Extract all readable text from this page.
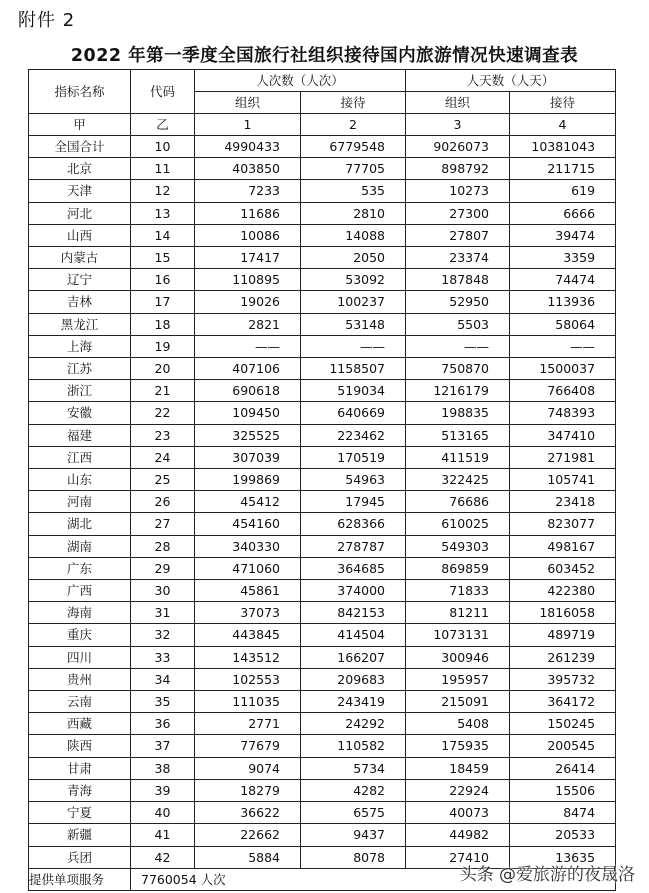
附件 2
2022 年第一季度全国旅行社组织接待国内旅游情况快速调查表
指标名称	代码	人次数（人次）		人天数（人天）	
		组织	接待	组织	接待
甲	乙	1	2	3	4
全国合计	10	4990433	6779548	9026073	10381043
北京	11	403850	77705	898792	211715
天津	12	7233	535	10273	619
河北	13	11686	2810	27300	6666
山西	14	10086	14088	27807	39474
内蒙古	15	17417	2050	23374	3359
辽宁	16	110895	53092	187848	74474
吉林	17	19026	100237	52950	113936
黑龙江	18	2821	53148	5503	58064
上海	19	——	——	——	——
江苏	20	407106	1158507	750870	1500037
浙江	21	690618	519034	1216179	766408
安徽	22	109450	640669	198835	748393
福建	23	325525	223462	513165	347410
江西	24	307039	170519	411519	271981
山东	25	199869	54963	322425	105741
河南	26	45412	17945	76686	23418
湖北	27	454160	628366	610025	823077
湖南	28	340330	278787	549303	498167
广东	29	471060	364685	869859	603452
广西	30	45861	374000	71833	422380
海南	31	37073	842153	81211	1816058
重庆	32	443845	414504	1073131	489719
四川	33	143512	166207	300946	261239
贵州	34	102553	209683	195957	395732
云南	35	111035	243419	215091	364172
西藏	36	2771	24292	5408	150245
陕西	37	77679	110582	175935	200545
甘肃	38	9074	5734	18459	26414
青海	39	18279	4282	22924	15506
宁夏	40	36622	6575	40073	8474
新疆	41	22662	9437	44982	20533
兵团	42	5884	8078	27410	13635
提供单项服务	7760054 人次					头条 @爱旅游的夜晟洛
